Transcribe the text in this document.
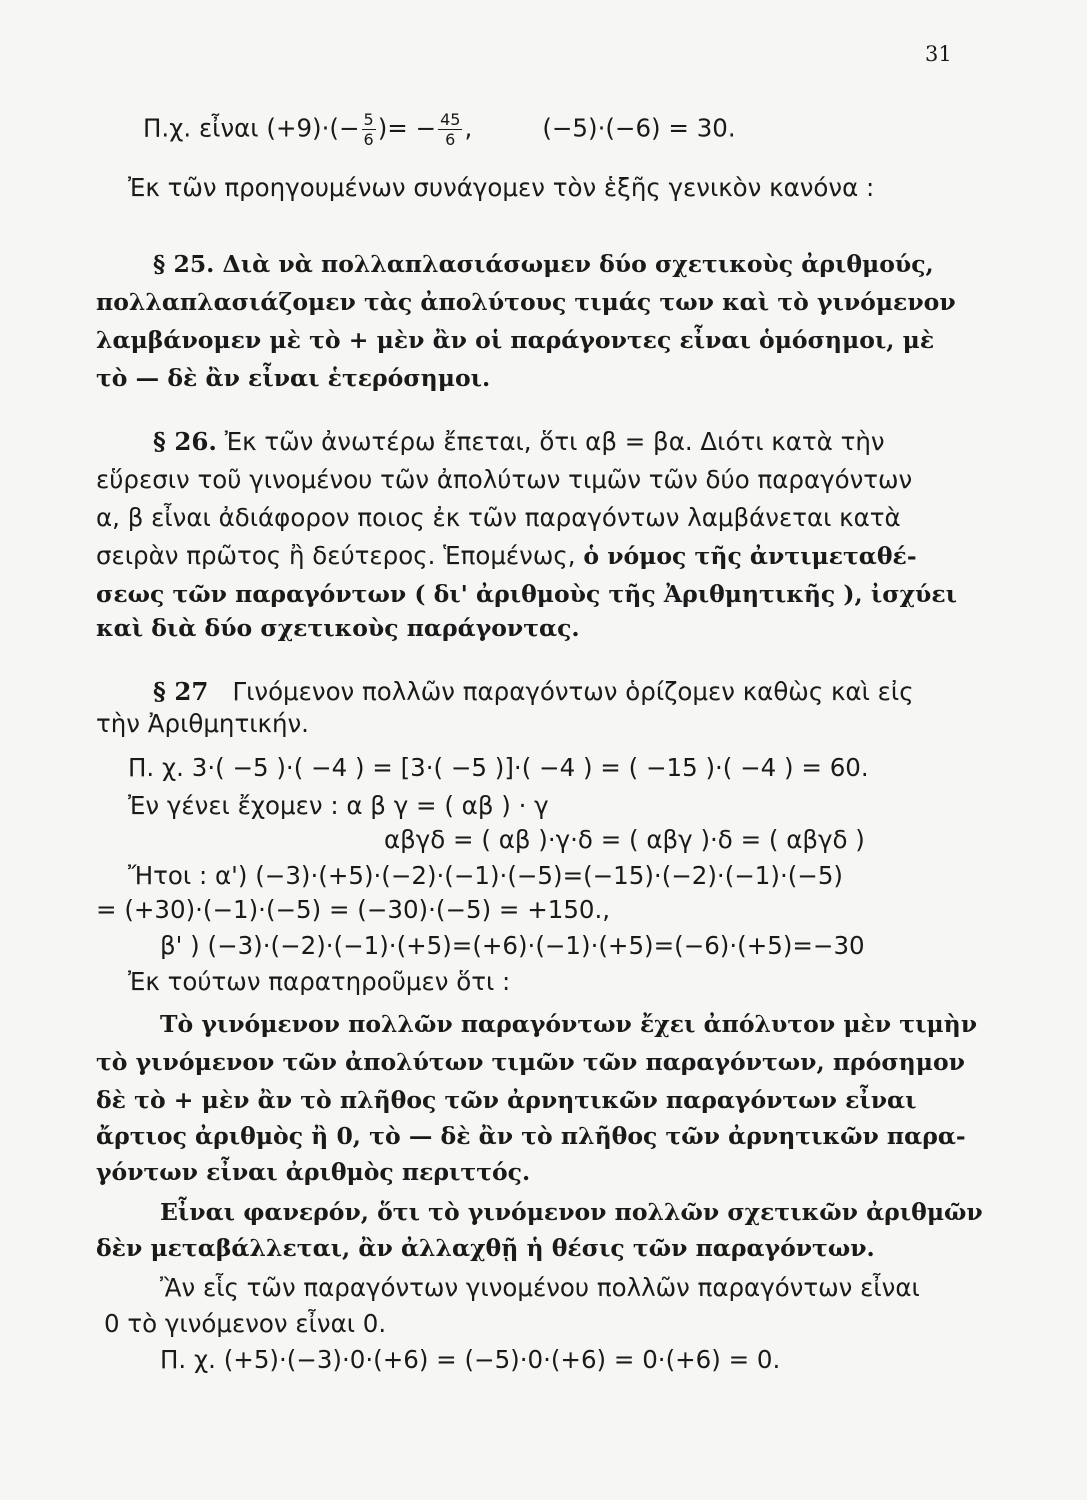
31
Π.χ. εἶναι $(+9)\cdot(- \frac{5}{6}$ )= − $\frac{45}{6}$ ,         (−5)·(−6) = 30.
Ἐκ τῶν προηγουμένων συνάγομεν τὸν ἑξῆς γενικὸν κανόνα :
§ 25. Διὰ νὰ πολλαπλασιάσωμεν δύο σχετικοὺς ἀριθμούς,
πολλαπλασιάζομεν τὰς ἀπολύτους τιμάς των καὶ τὸ γινόμενον
λαμβάνομεν μὲ τὸ + μὲν ἂν οἱ παράγοντες εἶναι ὁμόσημοι, μὲ
τὸ — δὲ ἂν εἶναι ἑτερόσημοι.
§ 26. Ἐκ τῶν ἀνωτέρω ἔπεται, ὅτι αβ = βα. Διότι κατὰ τὴν
εὕρεσιν τοῦ γινομένου τῶν ἀπολύτων τιμῶν τῶν δύο παραγόντων
α, β εἶναι ἀδιάφορον ποιος ἐκ τῶν παραγόντων λαμβάνεται κατὰ
σειρὰν πρῶτος ἢ δεύτερος. Ἑπομένως, ὁ νόμος τῆς ἀντιμεταθέ-
σεως τῶν παραγόντων ( δι' ἀριθμοὺς τῆς Ἀριθμητικῆς ), ἰσχύει
καὶ διὰ δύο σχετικοὺς παράγοντας.
§ 27 Γινόμενον πολλῶν παραγόντων ὁρίζομεν καθὼς καὶ εἰς
τὴν Ἀριθμητικήν.
Π. χ. 3·( −5 )·( −4 ) = [3·( −5 )]·( −4 ) = ( −15 )·( −4 ) = 60.
Ἐν γένει ἔχομεν : α β γ = ( αβ ) · γ
αβγδ = ( αβ )·γ·δ = ( αβγ )·δ = ( αβγδ )
Ἤτοι : α') (−3)·(+5)·(−2)·(−1)·(−5)=(−15)·(−2)·(−1)·(−5)
= (+30)·(−1)·(−5) = (−30)·(−5) = +150.,
β' ) (−3)·(−2)·(−1)·(+5)=(+6)·(−1)·(+5)=(−6)·(+5)=−30
Ἐκ τούτων παρατηροῦμεν ὅτι :
Τὸ γινόμενον πολλῶν παραγόντων ἔχει ἀπόλυτον μὲν τιμὴν
τὸ γινόμενον τῶν ἀπολύτων τιμῶν τῶν παραγόντων, πρόσημον
δὲ τὸ + μὲν ἂν τὸ πλῆθος τῶν ἀρνητικῶν παραγόντων εἶναι
ἄρτιος ἀριθμὸς ἢ 0, τὸ — δὲ ἂν τὸ πλῆθος τῶν ἀρνητικῶν παρα-
γόντων εἶναι ἀριθμὸς περιττός.
Εἶναι φανερόν, ὅτι τὸ γινόμενον πολλῶν σχετικῶν ἀριθμῶν
δὲν μεταβάλλεται, ἂν ἀλλαχθῇ ἡ θέσις τῶν παραγόντων.
Ἂν εἷς τῶν παραγόντων γινομένου πολλῶν παραγόντων εἶναι
0 τὸ γινόμενον εἶναι 0.
Π. χ. (+5)·(−3)·0·(+6) = (−5)·0·(+6) = 0·(+6) = 0.
